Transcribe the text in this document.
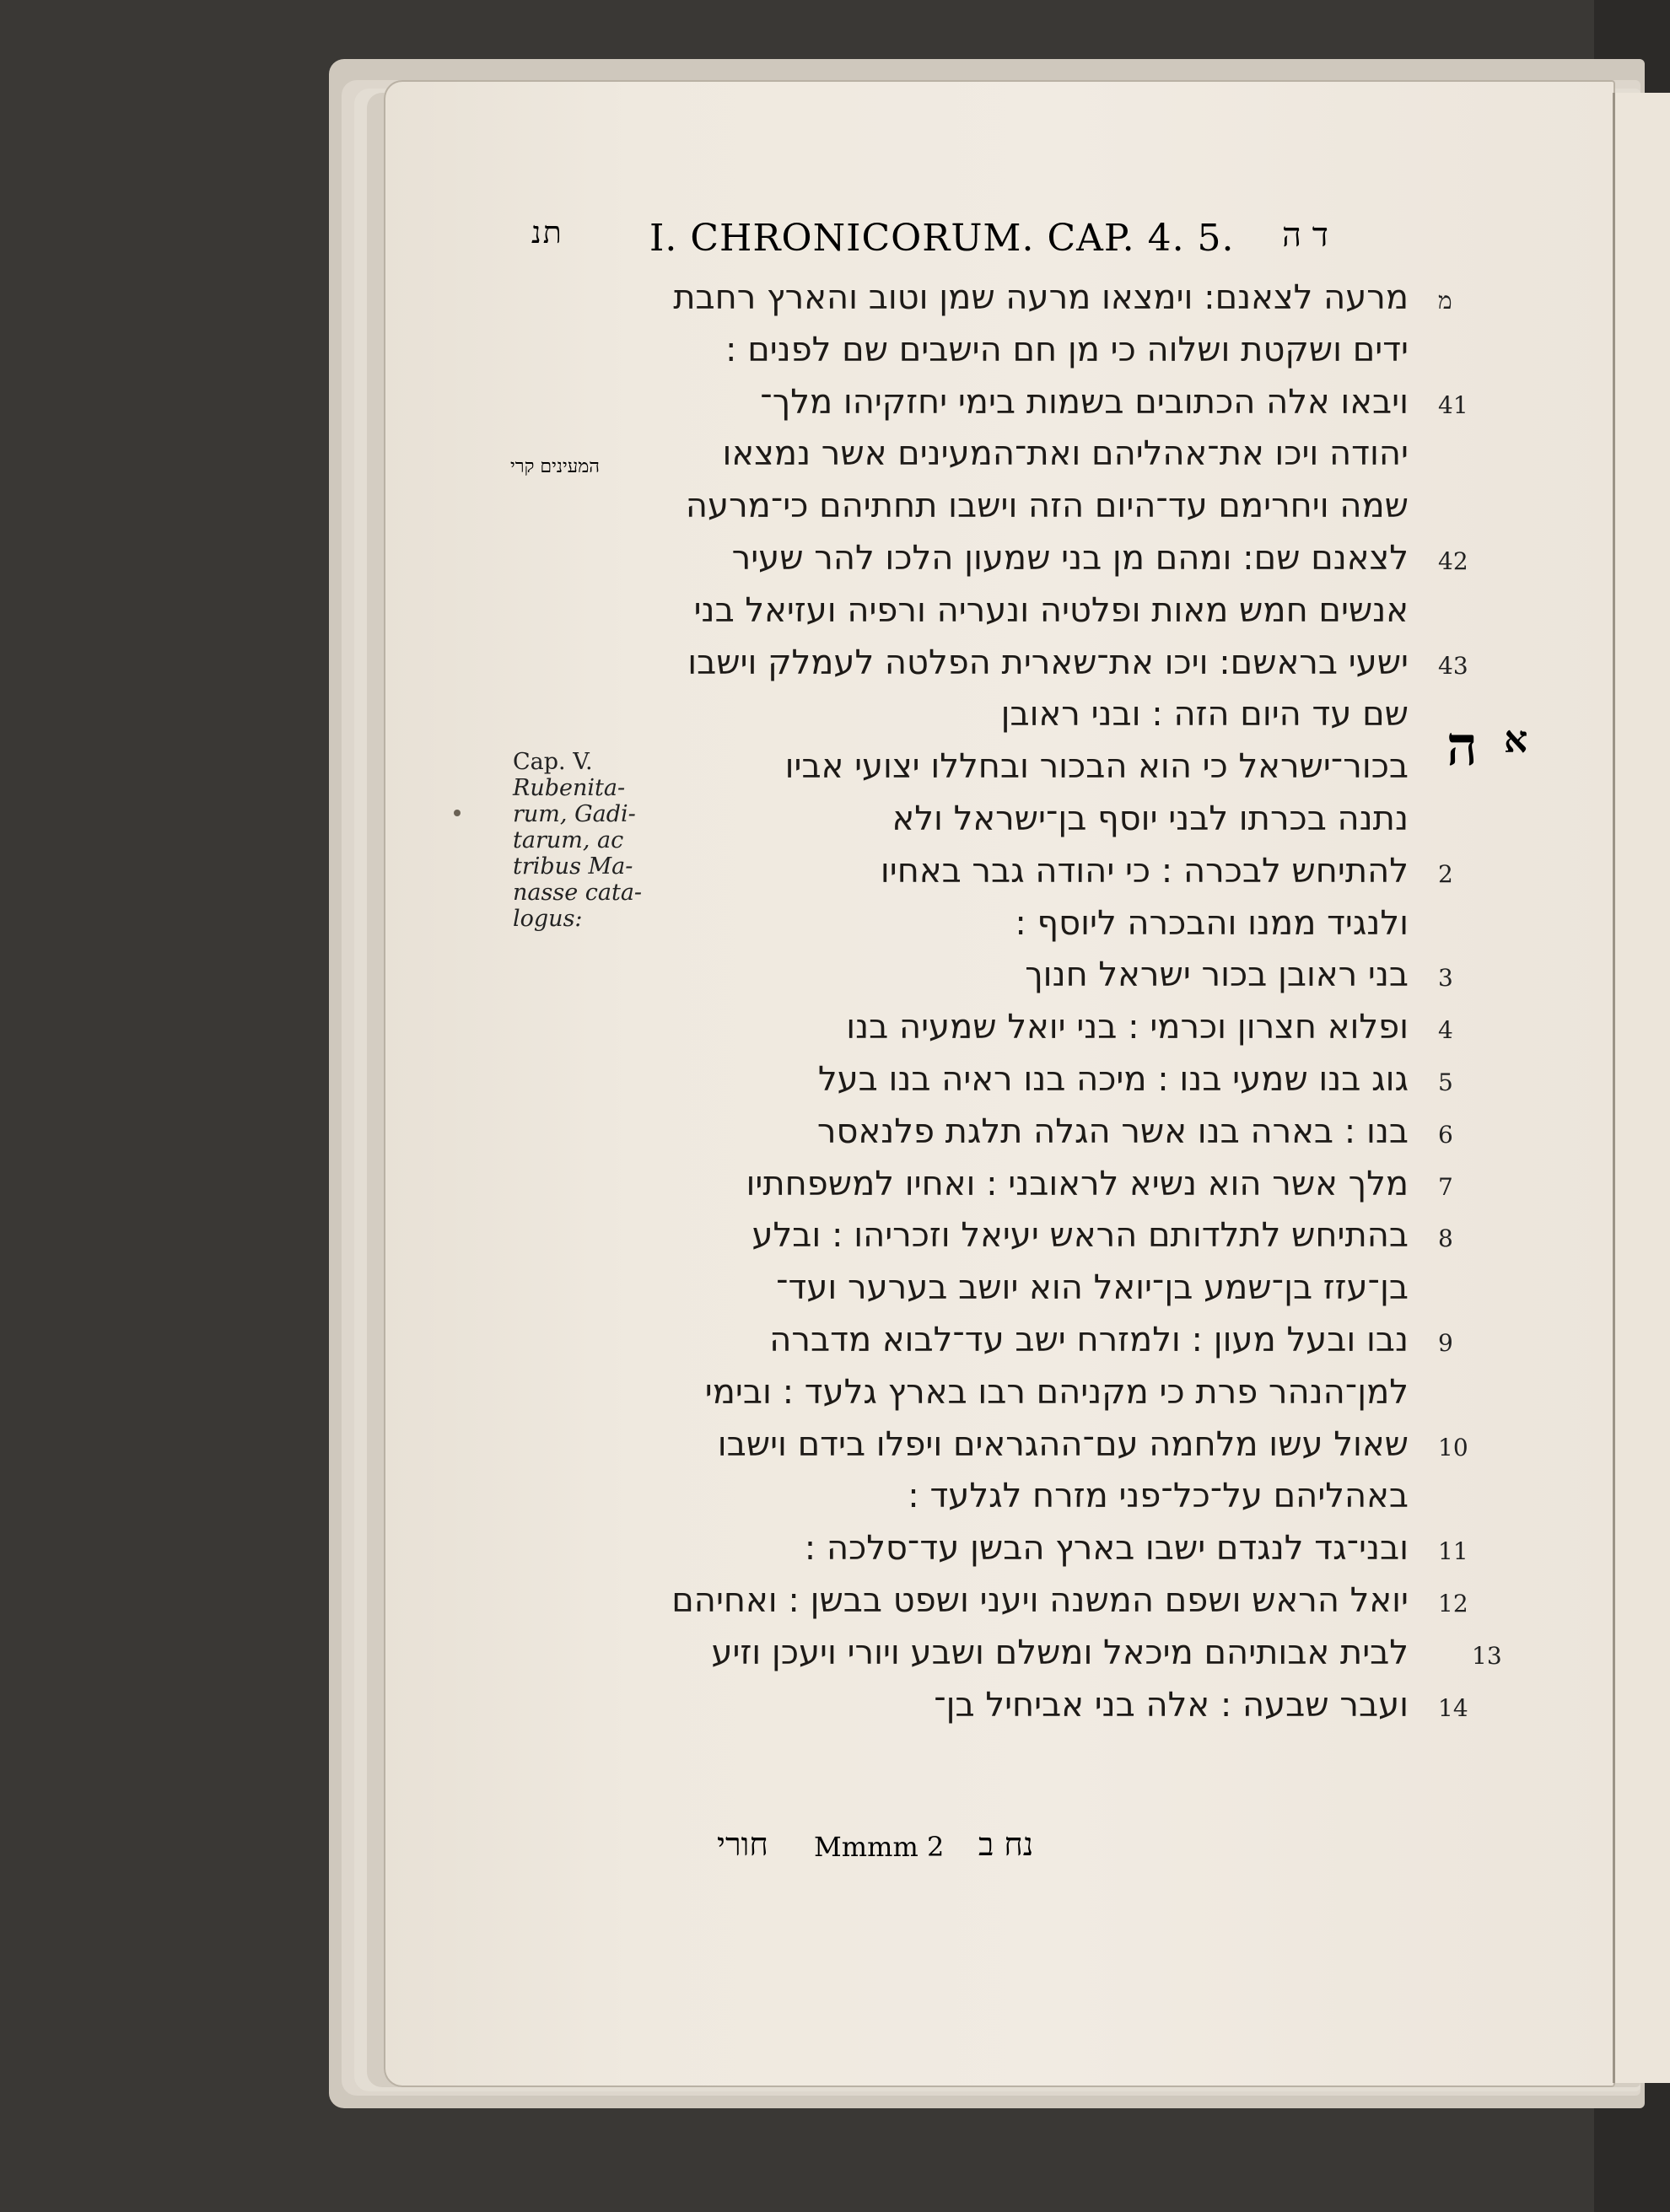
תנ I. CHRONICORUM. CAP. 4. 5. ד ה
המעינים קרי
Cap. V.
Rubenita-
rum, Gadi-
tarum, ac
tribus Ma-
nasse cata-
logus:
ה א
מרעה לצאנם: וימצאו מרעה שמן וטוב והארץ רחבת מ
ידים ושקטת ושלוה כי מן חם הישבים שם לפנים :
ויבאו אלה הכתובים בשמות בימי יחזקיהו מלך־ 41
יהודה ויכו את־אהליהם ואת־המעינים אשר נמצאו
שמה ויחרימם עד־היום הזה וישבו תחתיהם כי־מרעה
לצאנם שם: ומהם מן בני שמעון הלכו להר שעיר 42
אנשים חמש מאות ופלטיה ונעריה ורפיה ועזיאל בני
ישעי בראשם: ויכו את־שארית הפלטה לעמלק וישבו 43
שם עד היום הזה : ובני ראובן
בכור־ישראל כי הוא הבכור ובחללו יצועי אביו
נתנה בכרתו לבני יוסף בן־ישראל ולא
להתיחש לבכרה : כי יהודה גבר באחיו 2
ולנגיד ממנו והבכרה ליוסף :
בני ראובן בכור ישראל חנוך 3
ופלוא חצרון וכרמי : בני יואל שמעיה בנו 4
גוג בנו שמעי בנו : מיכה בנו ראיה בנו בעל 5
בנו : בארה בנו אשר הגלה תלגת פלנאסר 6
מלך אשר הוא נשיא לראובני : ואחיו למשפחתיו 7
בהתיחש לתלדותם הראש יעיאל וזכריהו : ובלע 8
בן־עזז בן־שמע בן־יואל הוא יושב בערער ועד־
נבו ובעל מעון : ולמזרח ישב עד־לבוא מדברה 9
למן־הנהר פרת כי מקניהם רבו בארץ גלעד : ובימי
שאול עשו מלחמה עם־ההגראים ויפלו בידם וישבו 10
באהליהם על־כל־פני מזרח לגלעד :
ובני־גד לנגדם ישבו בארץ הבשן עד־סלכה : 11
יואל הראש ושפם המשנה ויעני ושפט בבשן : ואחיהם 12
לבית אבותיהם מיכאל ומשלם ושבע ויורי ויעכן וזיע	13
ועבר שבעה : אלה בני אביחיל בן־ 14
חורי Mmmm 2 נח ב
